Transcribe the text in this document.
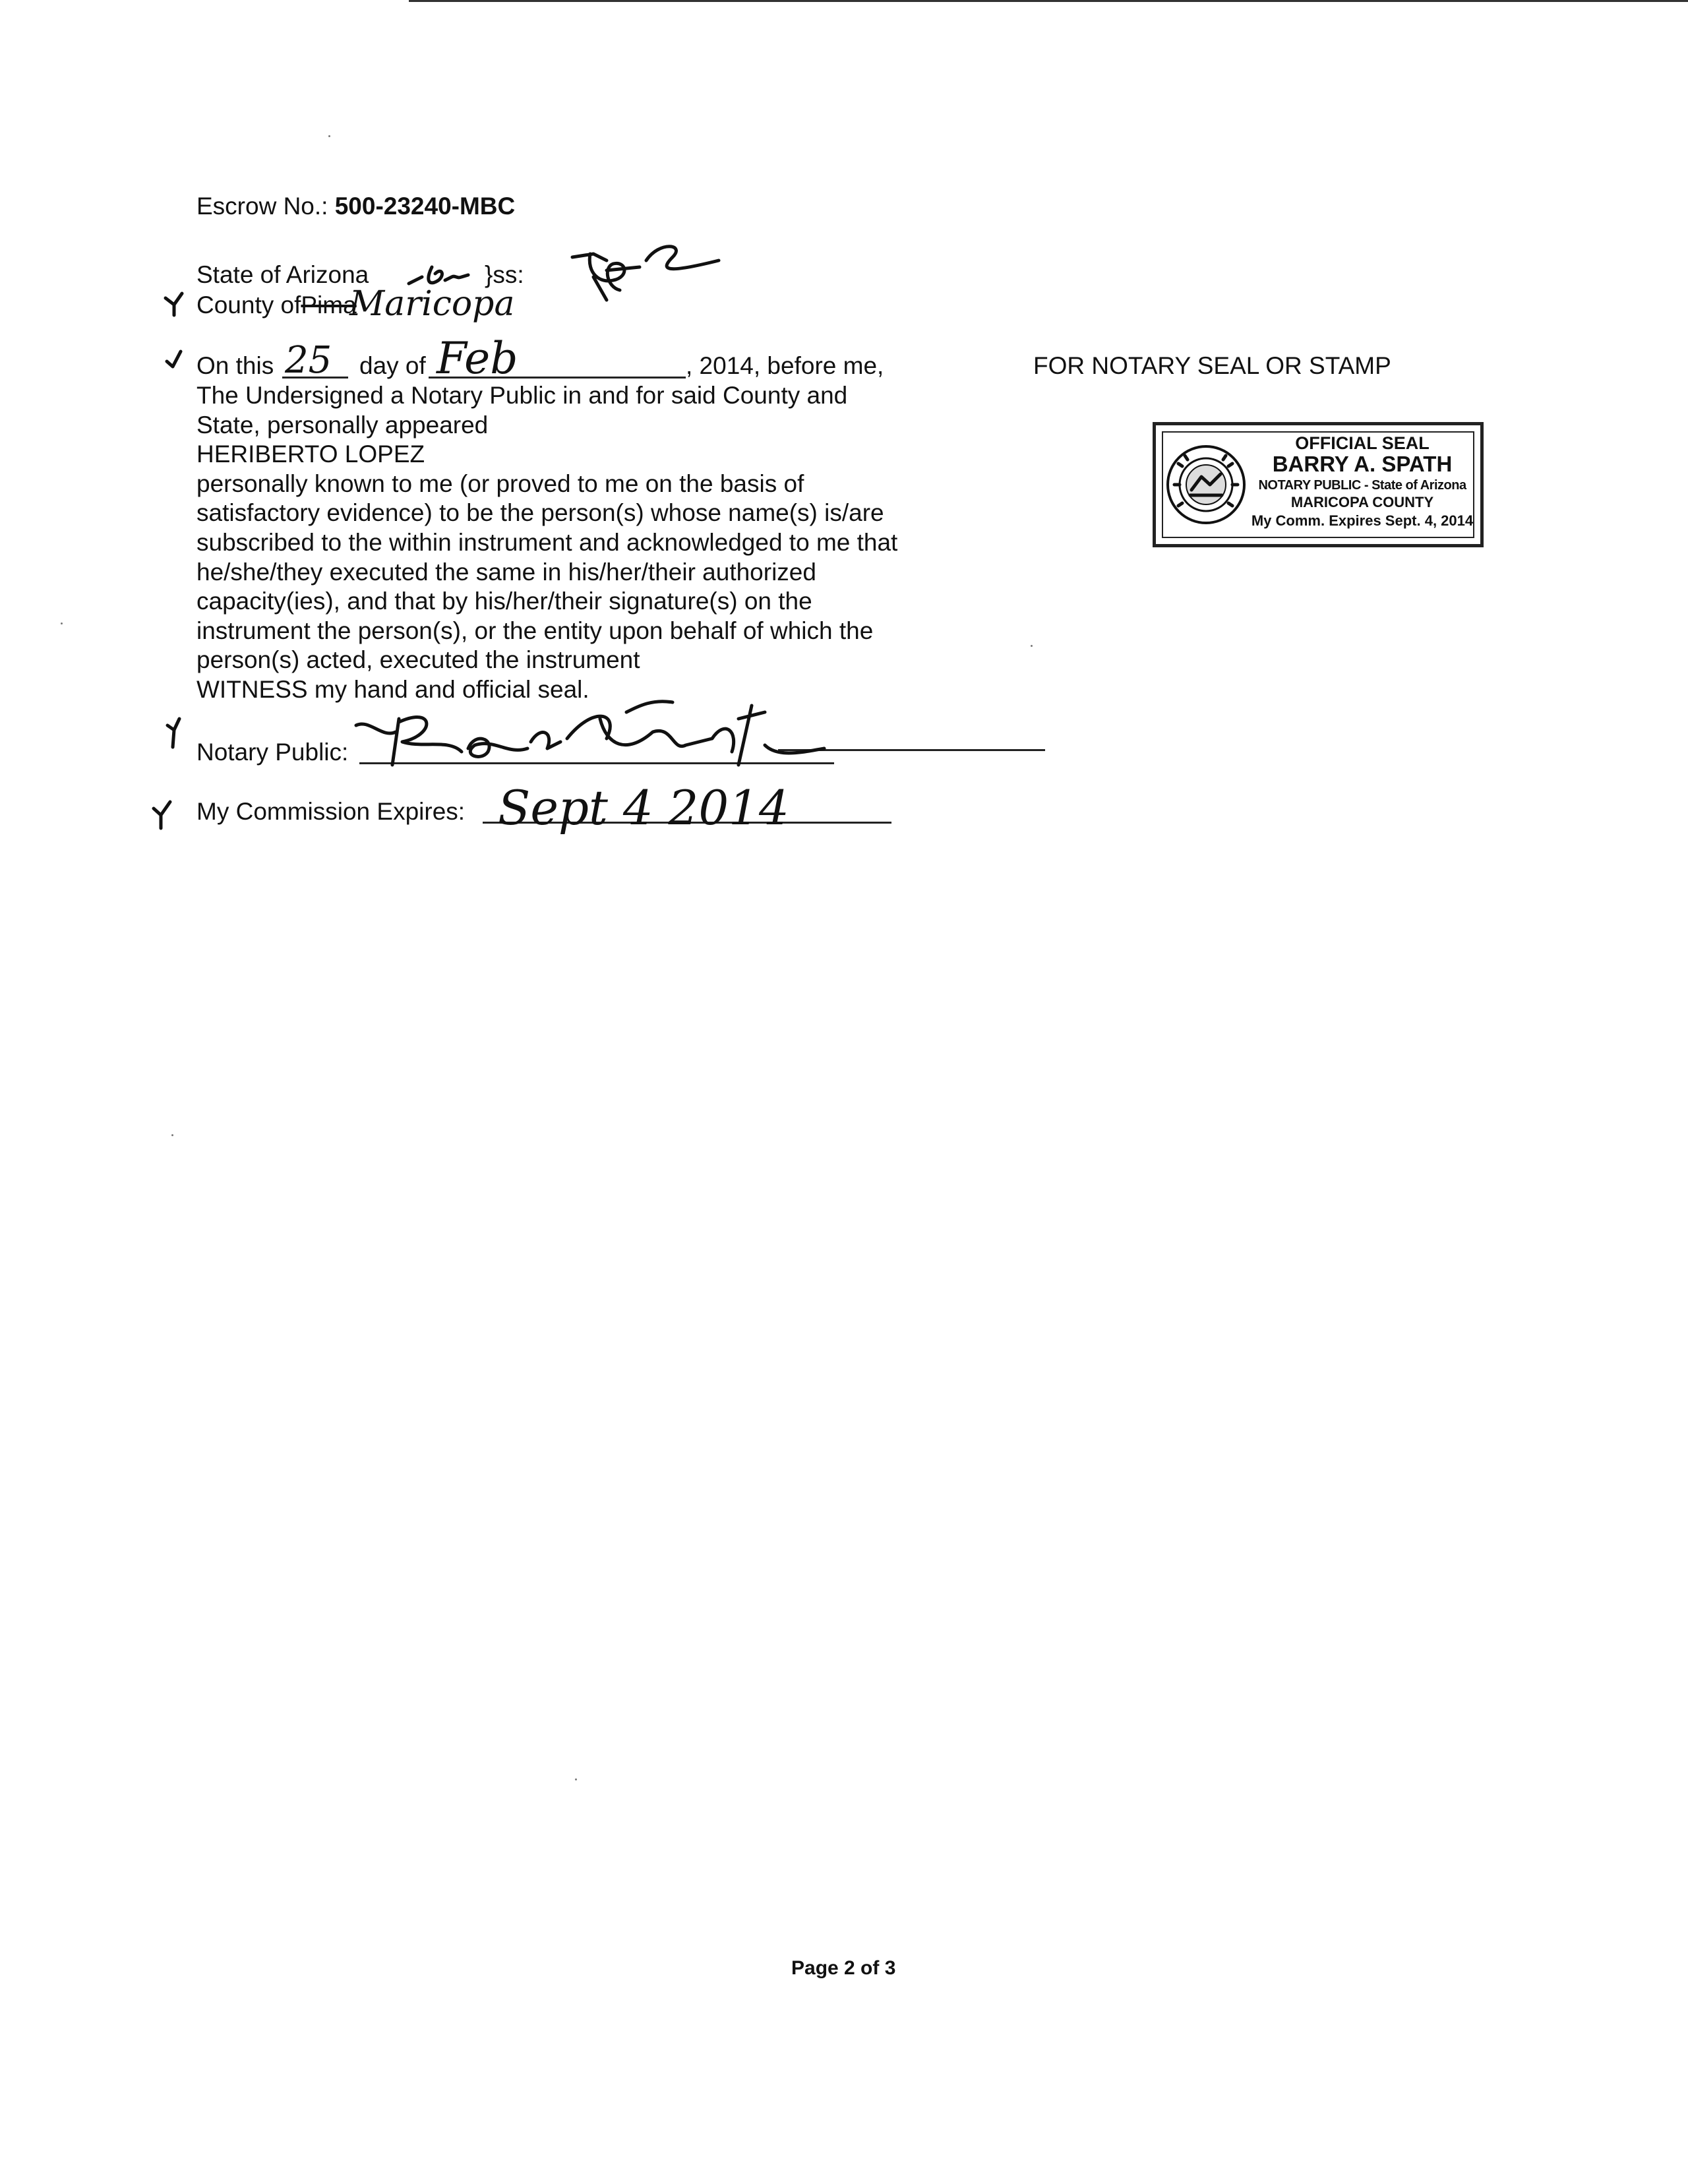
Escrow No.: 500-23240-MBC
State of Arizona	}ss:
County ofPima
Maricopa
On this 25 day of Feb	, 2014, before me,
The Undersigned a Notary Public in and for said County and
State, personally appeared
HERIBERTO LOPEZ
personally known to me (or proved to me on the basis of
satisfactory evidence) to be the person(s) whose name(s) is/are
subscribed to the within instrument and acknowledged to me that
he/she/they executed the same in his/her/their authorized
capacity(ies), and that by his/her/their signature(s) on the
instrument the person(s), or the entity upon behalf of which the
person(s) acted, executed the instrument
WITNESS my hand and official seal.
Notary Public:
My Commission Expires: Sept 4 2014
FOR NOTARY SEAL OR STAMP
OFFICIAL SEAL
BARRY A. SPATH
NOTARY PUBLIC - State of Arizona
MARICOPA COUNTY
My Comm. Expires Sept. 4, 2014
Page 2 of 3
